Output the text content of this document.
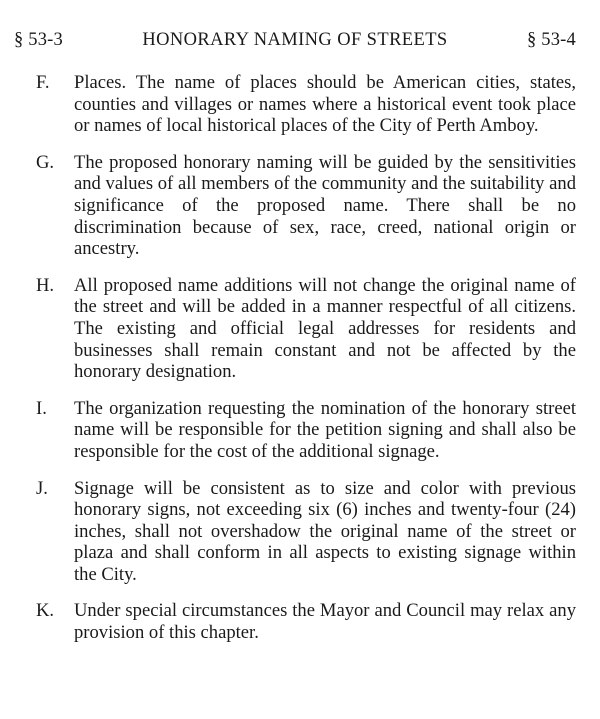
§ 53-3	HONORARY NAMING OF STREETS	§ 53-4
F.	Places. The name of places should be American cities, states, counties and villages or names where a historical event took place or names of local historical places of the City of Perth Amboy.
G.	The proposed honorary naming will be guided by the sensitivities and values of all members of the community and the suitability and significance of the proposed name. There shall be no discrimination because of sex, race, creed, national origin or ancestry.
H.	All proposed name additions will not change the original name of the street and will be added in a manner respectful of all citizens. The existing and official legal addresses for residents and businesses shall remain constant and not be affected by the honorary designation.
I.	The organization requesting the nomination of the honorary street name will be responsible for the petition signing and shall also be responsible for the cost of the additional signage.
J.	Signage will be consistent as to size and color with previous honorary signs, not exceeding six (6) inches and twenty-four (24) inches, shall not overshadow the original name of the street or plaza and shall conform in all aspects to existing signage within the City.
K.	Under special circumstances the Mayor and Council may relax any provision of this chapter.
